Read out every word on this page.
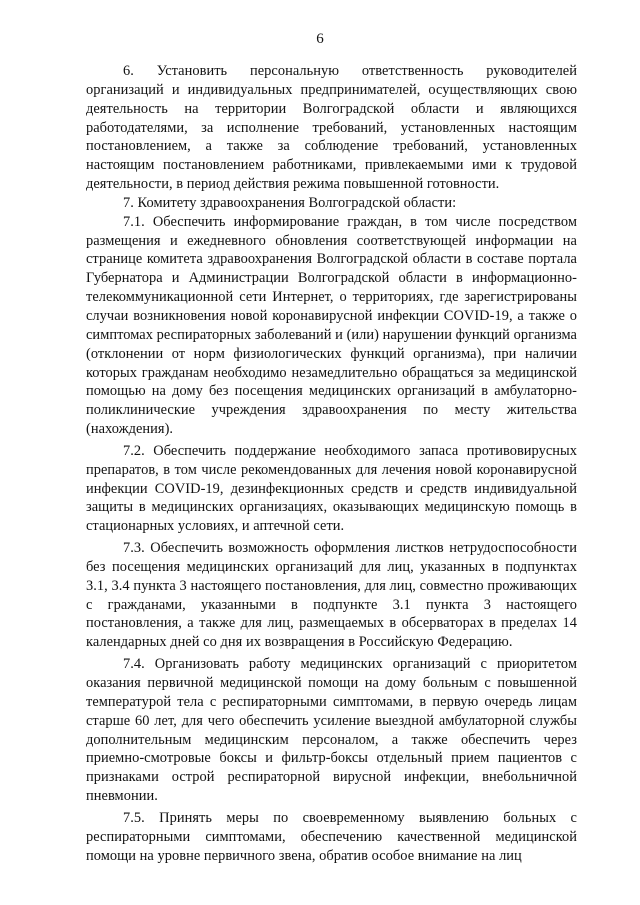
6

6. Установить персональную ответственность руководителей организаций и индивидуальных предпринимателей, осуществляющих свою деятельность на территории Волгоградской области и являющихся работодателями, за исполнение требований, установленных настоящим постановлением, а также за соблюдение требований, установленных настоящим постановлением работниками, привлекаемыми ими к трудовой деятельности, в период действия режима повышенной готовности.

7. Комитету здравоохранения Волгоградской области:

7.1. Обеспечить информирование граждан, в том числе посредством размещения и ежедневного обновления соответствующей информации на странице комитета здравоохранения Волгоградской области в составе портала Губернатора и Администрации Волгоградской области в информационно-телекоммуникационной сети Интернет, о территориях, где зарегистрированы случаи возникновения новой коронавирусной инфекции COVID-19, а также о симптомах респираторных заболеваний и (или) нарушении функций организма (отклонении от норм физиологических функций организма), при наличии которых гражданам необходимо незамедлительно обращаться за медицинской помощью на дому без посещения медицинских организаций в амбулаторно-поликлинические учреждения здравоохранения по месту жительства (нахождения).

7.2. Обеспечить поддержание необходимого запаса противовирусных препаратов, в том числе рекомендованных для лечения новой коронавирусной инфекции COVID-19, дезинфекционных средств и средств индивидуальной защиты в медицинских организациях, оказывающих медицинскую помощь в стационарных условиях, и аптечной сети.

7.3. Обеспечить возможность оформления листков нетрудоспособности без посещения медицинских организаций для лиц, указанных в подпунктах 3.1, 3.4 пункта 3 настоящего постановления, для лиц, совместно проживающих с гражданами, указанными в подпункте 3.1 пункта 3 настоящего постановления, а также для лиц, размещаемых в обсерваторах в пределах 14 календарных дней со дня их возвращения в Российскую Федерацию.

7.4. Организовать работу медицинских организаций с приоритетом оказания первичной медицинской помощи на дому больным с повышенной температурой тела с респираторными симптомами, в первую очередь лицам старше 60 лет, для чего обеспечить усиление выездной амбулаторной службы дополнительным медицинским персоналом, а также обеспечить через приемно-смотровые боксы и фильтр-боксы отдельный прием пациентов с признаками острой респираторной вирусной инфекции, внебольничной пневмонии.

7.5. Принять меры по своевременному выявлению больных с респираторными симптомами, обеспечению качественной медицинской помощи на уровне первичного звена, обратив особое внимание на лиц
